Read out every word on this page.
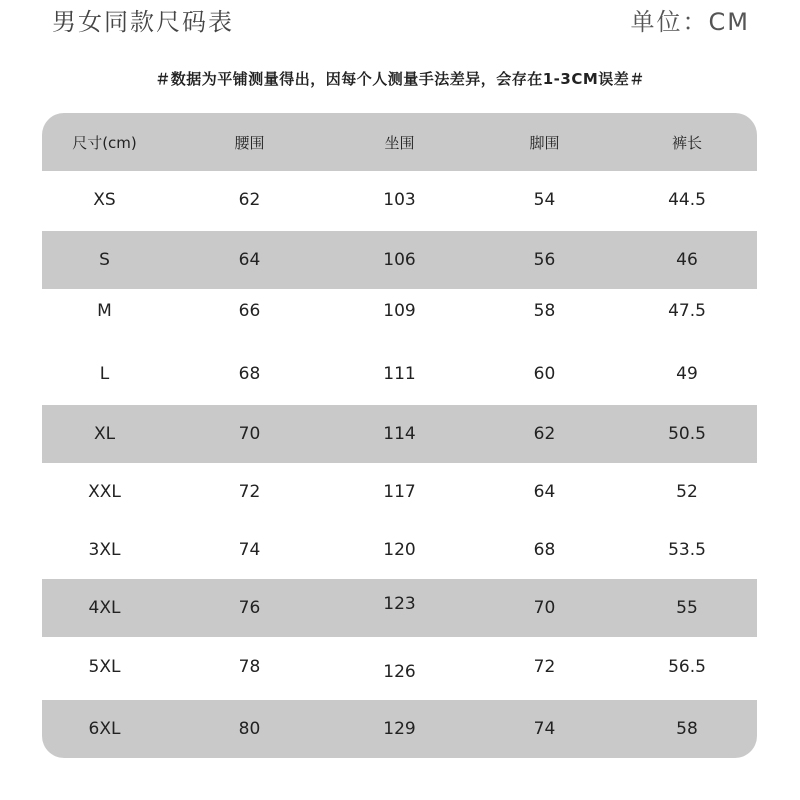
男女同款尺码表	单位：CM
＃数据为平铺测量得出，因每个人测量手法差异，会存在1-3CM误差＃
尺寸(cm)	腰围	坐围	脚围	裤长
XS	62	103	54	44.5
S	64	106	56	46
M	66	109	58	47.5
L	68	111	60	49
XL	70	114	62	50.5
XXL	72	117	64	52
3XL	74	120	68	53.5
4XL	76	123	70	55
5XL	78	126	72	56.5
6XL	80	129	74	58
